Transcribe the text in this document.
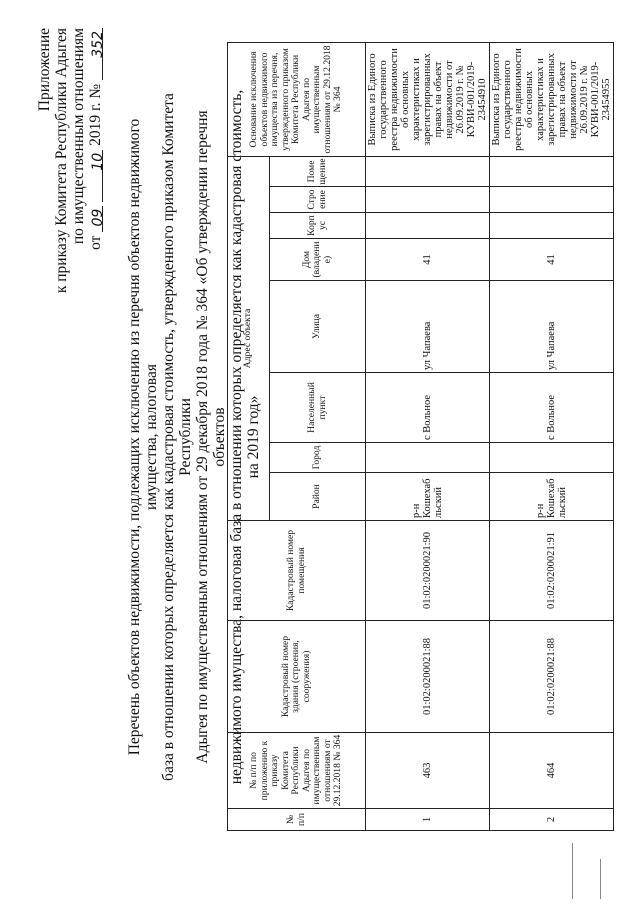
Приложение к приказу Комитета Республики Адыгея по имущественным отношениям от 09 10 2019 г. № 352
Перечень объектов недвижимости, подлежащих исключению из перечня объектов недвижимого имущества, налоговая база в отношении которых определяется как кадастровая стоимость, утвержденного приказом Комитета Республики Адыгея по имущественным отношениям от 29 декабря 2018 года № 364 «Об утверждении перечня объектов недвижимого имущества, налоговая база в отношении которых определяется как кадастровая стоимость, на 2019 год»
№ п/п	№ п/п по приложению к приказу Комитета Республики Адыгея по имущественным отношениям от 29.12.2018 № 364	Кадастровый номер здания (строения, сооружения)	Кадастровый номер помещения	Адрес объекта								Основание исключения объектов недвижимого имущества из перечня, утвержденного приказом Комитета Республики Адыгея по имущественным отношениям от 29.12.2018 № 364
				Район	Город	Населенный пункт	Улица	Дом (владение)	Корпус	Строение	Помещение	
1	463	01:02:0200021:88	01:02:0200021:90	р-н Кошехабльский		с Вольное	ул Чапаева	41				Выписка из Единого государственного реестра недвижимости об основных характеристиках и зарегистрированных правах на объект недвижимости от 26.09.2019 г. № КУВИ-001/2019-23454910
2	464	01:02:0200021:88	01:02:0200021:91	р-н Кошехабльский		с Вольное	ул Чапаева	41				Выписка из Единого государственного реестра недвижимости об основных характеристиках и зарегистрированных правах на объект недвижимости от 26.09.2019 г. № КУВИ-001/2019-23454955
